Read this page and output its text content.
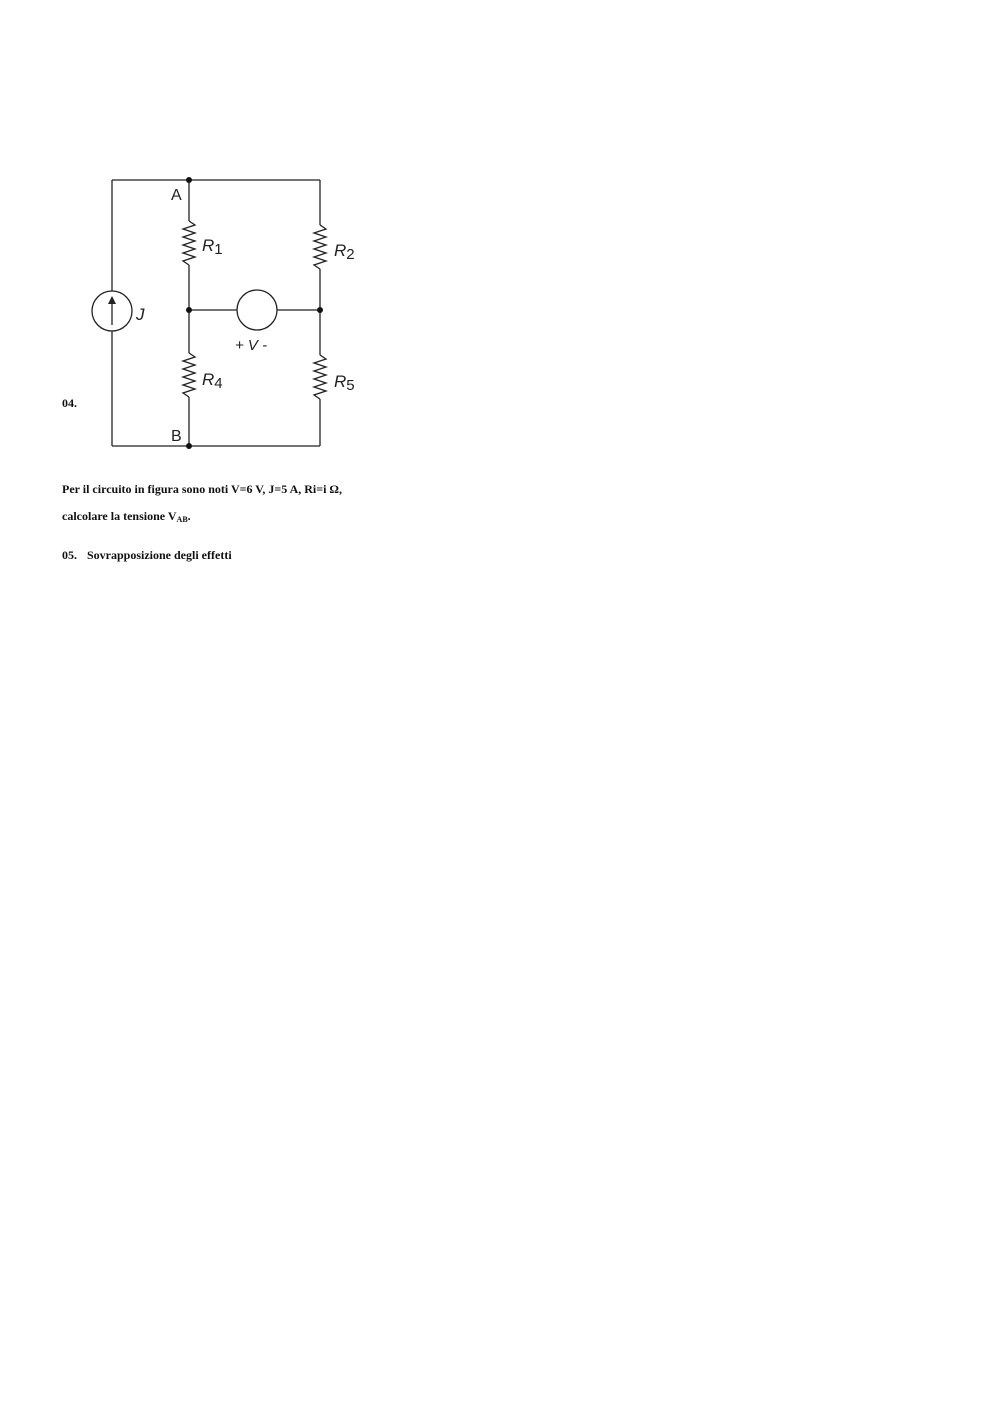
A
B
R1	R2
R4	R5
J
+ V -
04.
Per il circuito in figura sono noti V=6 V, J=5 A, Ri=i Ω,
calcolare la tensione $V_{AB}$.
05. Sovrapposizione degli effetti
